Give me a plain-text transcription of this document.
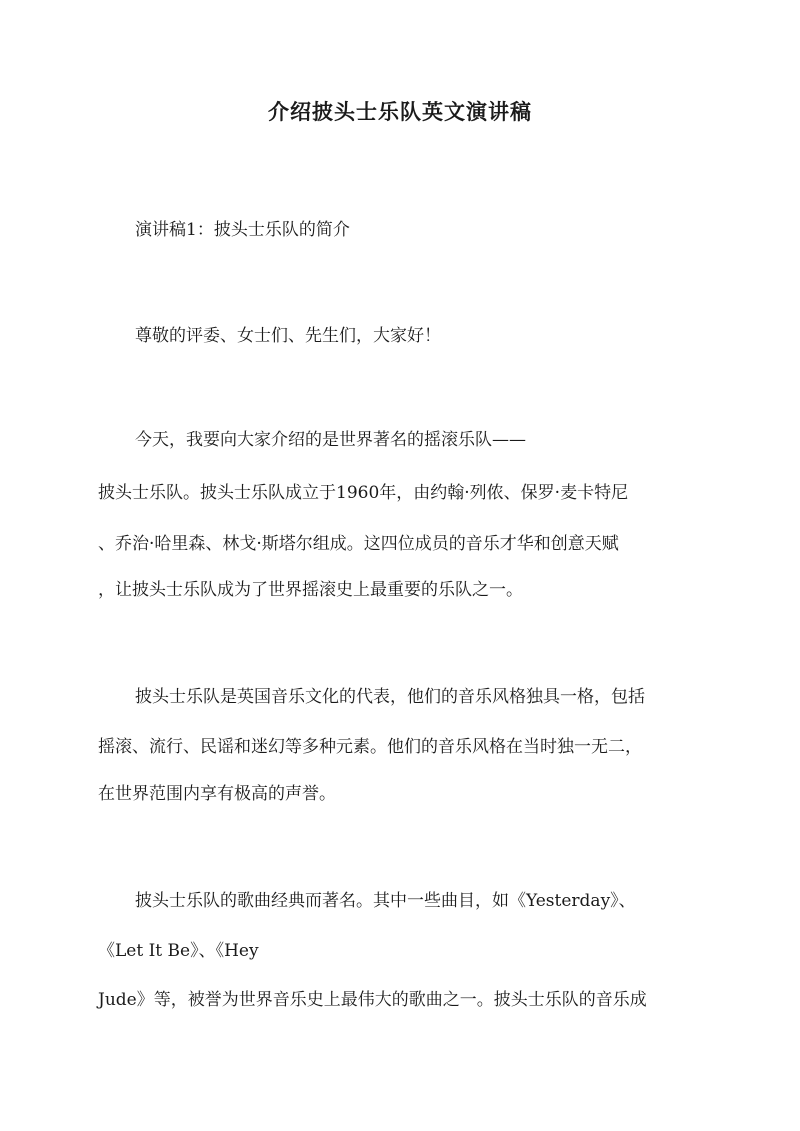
介绍披头士乐队英文演讲稿
演讲稿1：披头士乐队的简介
尊敬的评委、女士们、先生们，大家好！
今天，我要向大家介绍的是世界著名的摇滚乐队——
披头士乐队。披头士乐队成立于1960年，由约翰·列侬、保罗·麦卡特尼
、乔治·哈里森、林戈·斯塔尔组成。这四位成员的音乐才华和创意天赋
，让披头士乐队成为了世界摇滚史上最重要的乐队之一。
披头士乐队是英国音乐文化的代表，他们的音乐风格独具一格，包括
摇滚、流行、民谣和迷幻等多种元素。他们的音乐风格在当时独一无二，
在世界范围内享有极高的声誉。
披头士乐队的歌曲经典而著名。其中一些曲目，如《Yesterday》、
《Let It Be》、《Hey
Jude》等，被誉为世界音乐史上最伟大的歌曲之一。披头士乐队的音乐成
